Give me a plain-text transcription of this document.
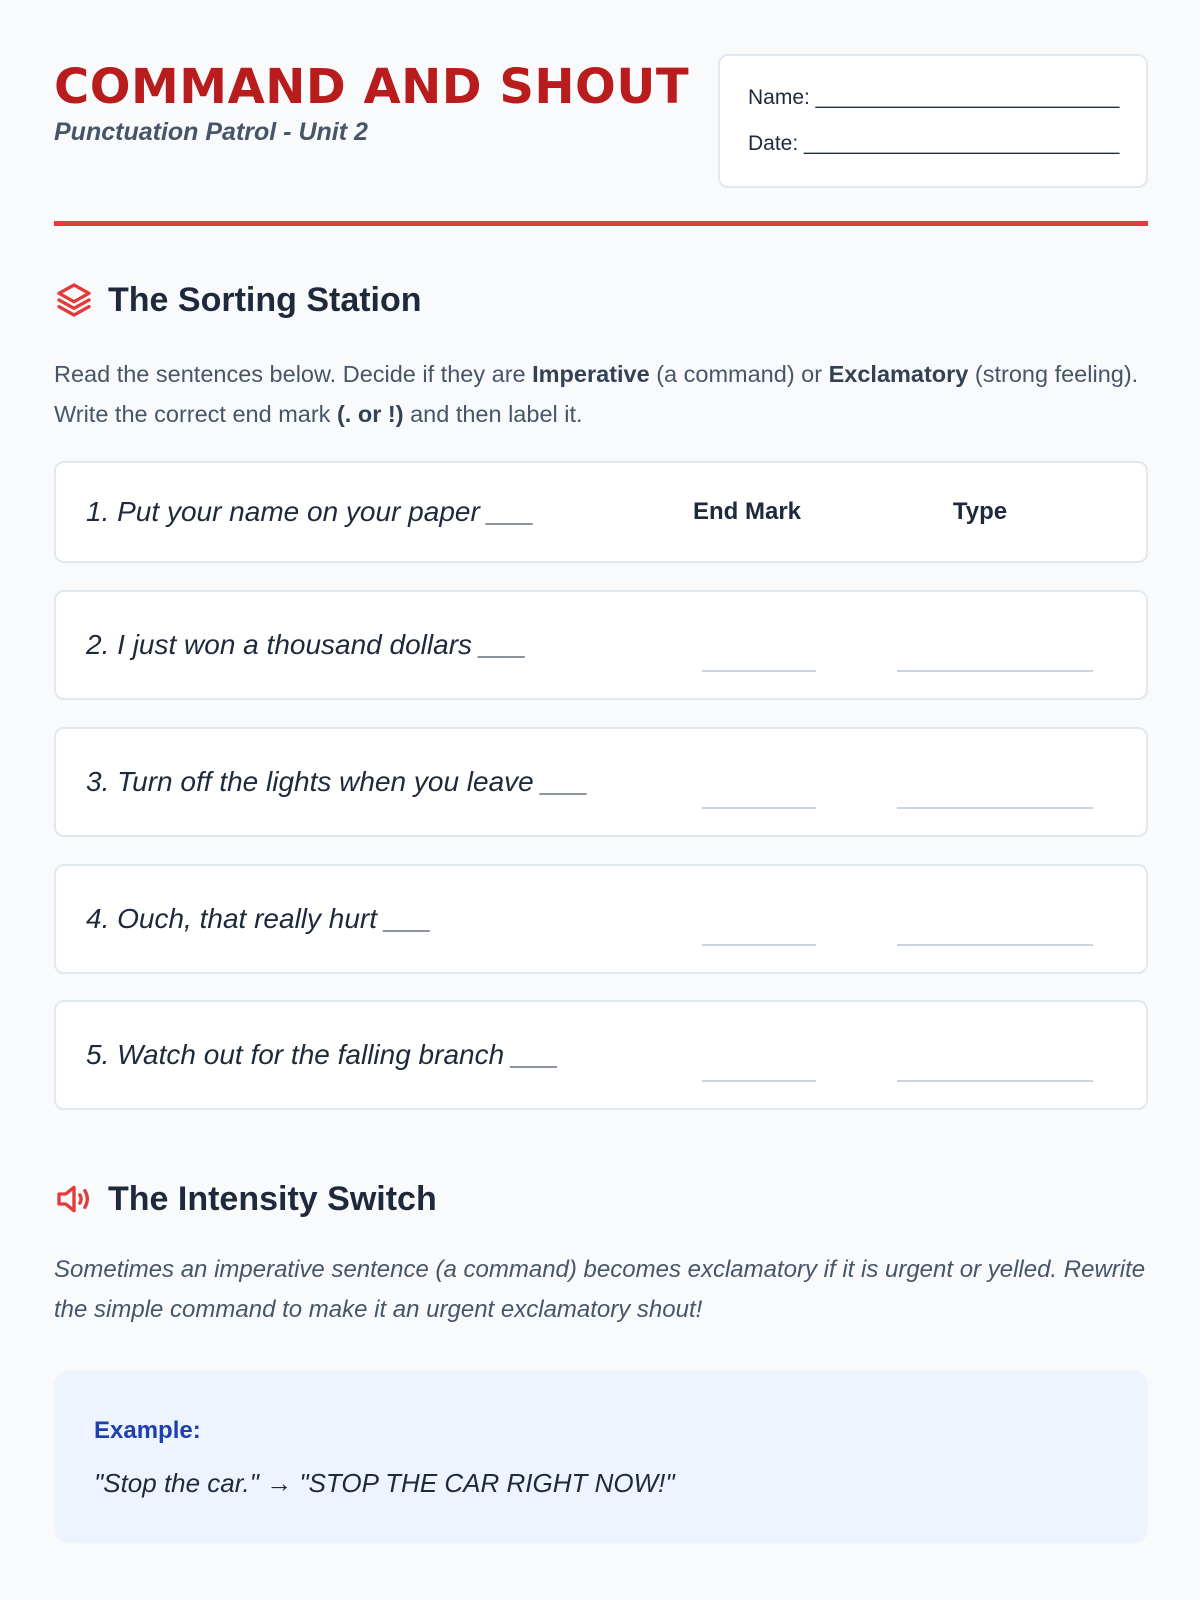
COMMAND AND SHOUT
Punctuation Patrol - Unit 2
Name: __________________________
Date: ___________________________
The Sorting Station
Read the sentences below. Decide if they are Imperative (a command) or Exclamatory (strong feeling). Write the correct end mark (. or !) and then label it.
1. Put your name on your paper ___	End Mark	Type
2. I just won a thousand dollars ___
3. Turn off the lights when you leave ___
4. Ouch, that really hurt ___
5. Watch out for the falling branch ___
The Intensity Switch
Sometimes an imperative sentence (a command) becomes exclamatory if it is urgent or yelled. Rewrite the simple command to make it an urgent exclamatory shout!
Example:
"Stop the car." → "STOP THE CAR RIGHT NOW!"
